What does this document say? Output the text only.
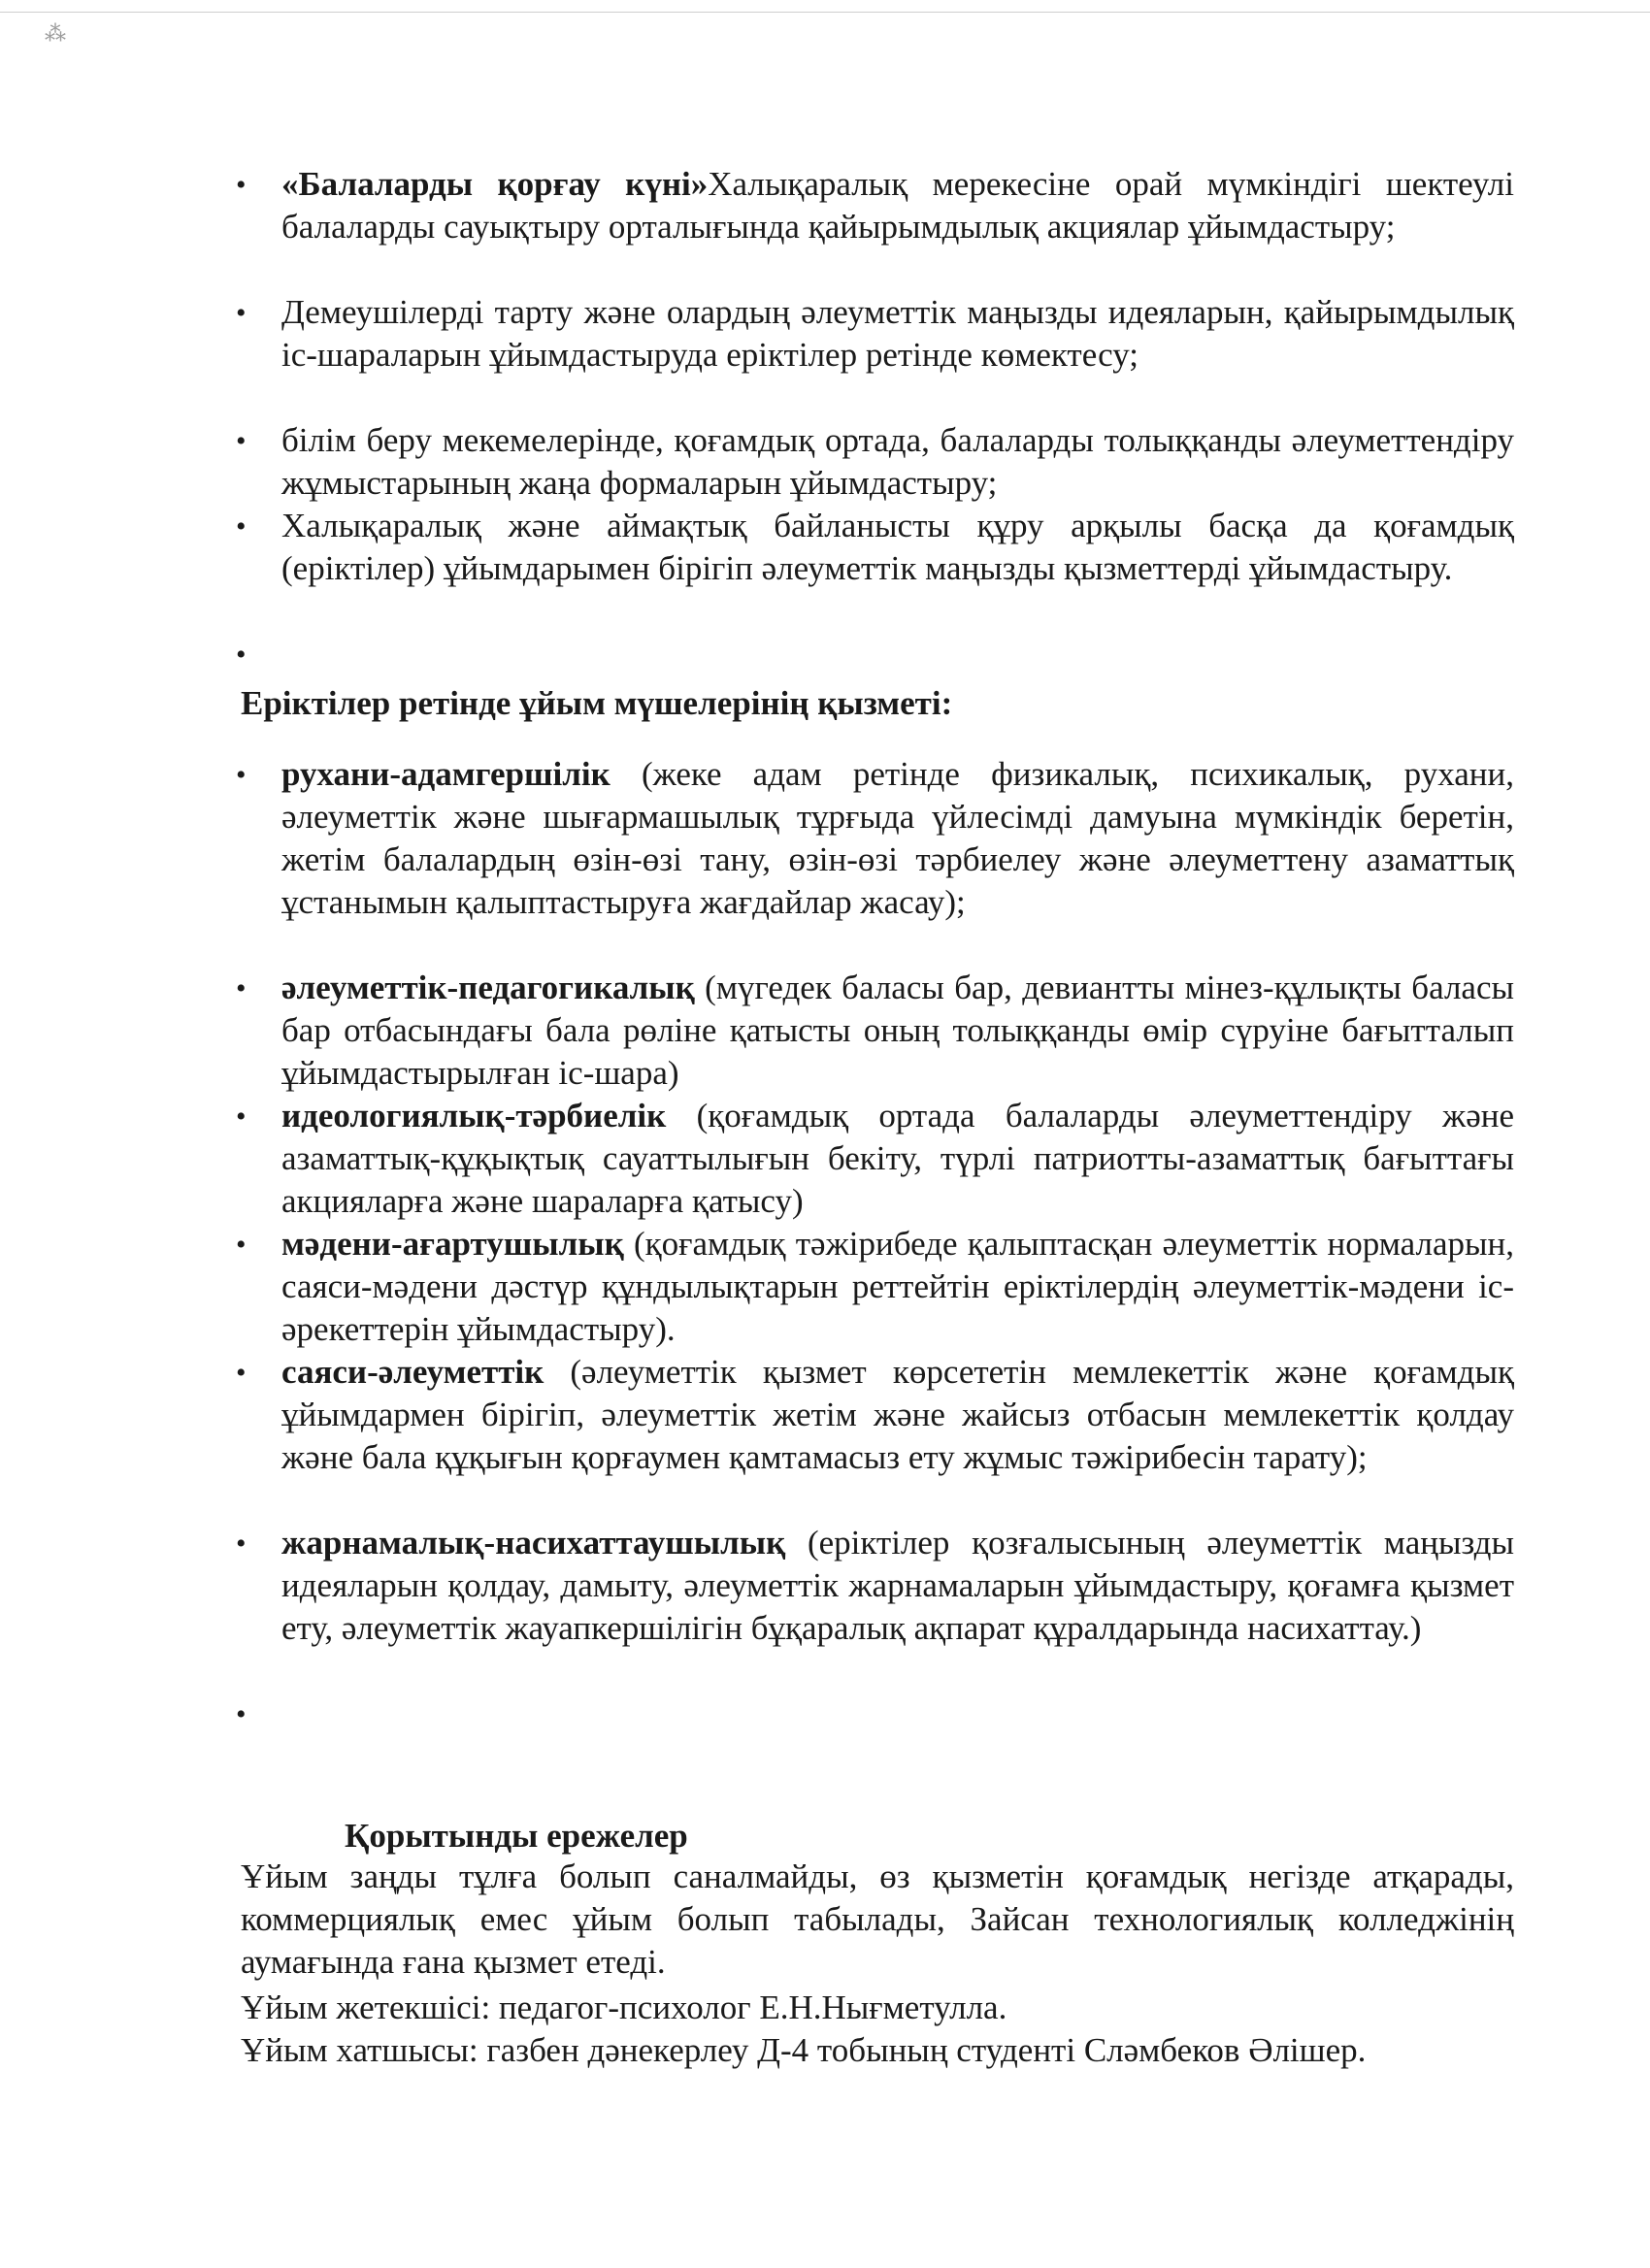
⁂
• «Балаларды қорғау күні»Халықаралық мерекесіне орай мүмкіндігі шектеулі балаларды сауықтыру орталығында қайырымдылық акциялар ұйымдастыру;
• Демеушілерді тарту және олардың әлеуметтік маңызды идеяларын, қайырымдылық іс-шараларын ұйымдастыруда еріктілер ретінде көмектесу;
• білім беру мекемелерінде, қоғамдық ортада, балаларды толыққанды әлеуметтендіру жұмыстарының жаңа формаларын ұйымдастыру;
• Халықаралық және аймақтық байланысты құру арқылы басқа да қоғамдық (еріктілер) ұйымдарымен бірігіп әлеуметтік маңызды қызметтерді ұйымдастыру.
•
Еріктілер ретінде ұйым мүшелерінің қызметі:
• рухани-адамгершілік (жеке адам ретінде физикалық, психикалық, рухани, әлеуметтік және шығармашылық тұрғыда үйлесімді дамуына мүмкіндік беретін, жетім балалардың өзін-өзі тану, өзін-өзі тәрбиелеу және әлеуметтену азаматтық ұстанымын қалыптастыруға жағдайлар жасау);
• әлеуметтік-педагогикалық (мүгедек баласы бар, девиантты мінез-құлықты баласы бар отбасындағы бала рөліне қатысты оның толыққанды өмір сүруіне бағытталып ұйымдастырылған іс-шара)
• идеологиялық-тәрбиелік (қоғамдық ортада балаларды әлеуметтендіру және азаматтық-құқықтық сауаттылығын бекіту, түрлі патриотты-азаматтық бағыттағы акцияларға және шараларға қатысу)
• мәдени-ағартушылық (қоғамдық тәжірибеде қалыптасқан әлеуметтік нормаларын, саяси-мәдени дәстүр құндылықтарын реттейтін еріктілердің әлеуметтік-мәдени іс-әрекеттерін ұйымдастыру).
• саяси-әлеуметтік (әлеуметтік қызмет көрсететін мемлекеттік және қоғамдық ұйымдармен бірігіп, әлеуметтік жетім және жайсыз отбасын мемлекеттік қолдау және бала құқығын қорғаумен қамтамасыз ету жұмыс тәжірибесін тарату);
• жарнамалық-насихаттаушылық (еріктілер қозғалысының әлеуметтік маңызды идеяларын қолдау, дамыту, әлеуметтік жарнамаларын ұйымдастыру, қоғамға қызмет ету, әлеуметтік жауапкершілігін бұқаралық ақпарат құралдарында насихаттау.)
•
Қорытынды ережелер
Ұйым заңды тұлға болып саналмайды, өз қызметін қоғамдық негізде атқарады, коммерциялық емес ұйым болып табылады, Зайсан технологиялық колледжінің аумағында ғана қызмет етеді.
Ұйым жетекшісі: педагог-психолог Е.Н.Нығметулла.
Ұйым хатшысы: газбен дәнекерлеу Д-4 тобының студенті Сләмбеков Әлішер.
